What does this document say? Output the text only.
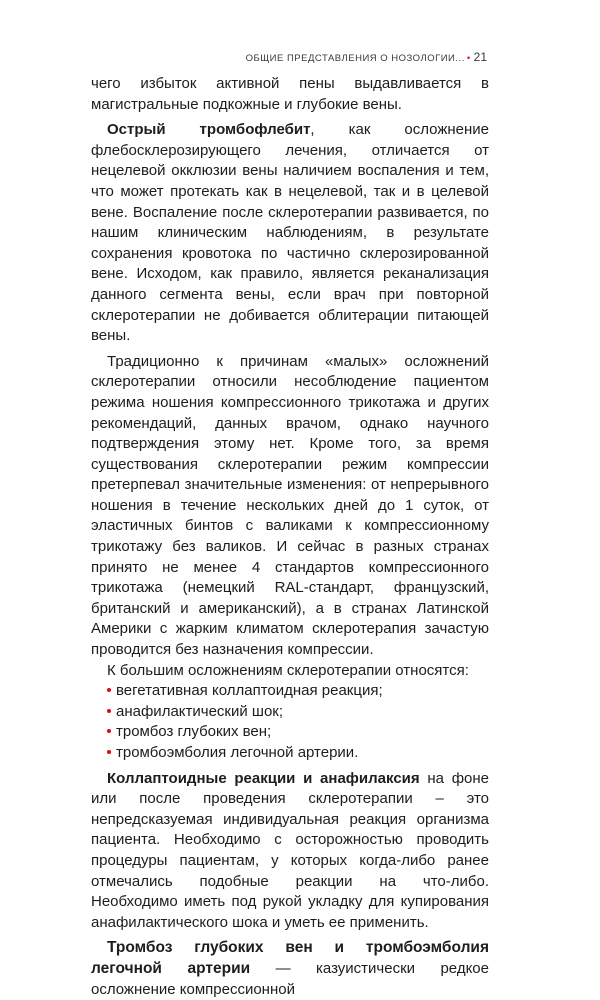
ОБЩИЕ ПРЕДСТАВЛЕНИЯ О НОЗОЛОГИИ... • 21

чего избыток активной пены выдавливается в магистральные подкожные и глубокие вены.

Острый тромбофлебит, как осложнение флебосклерозирующего лечения, отличается от нецелевой окклюзии вены наличием воспаления и тем, что может протекать как в нецелевой, так и в целевой вене. Воспаление после склеротерапии развивается, по нашим клиническим наблюдениям, в результате сохранения кровотока по частично склерозированной вене. Исходом, как правило, является реканализация данного сегмента вены, если врач при повторной склеротерапии не добивается облитерации питающей вены.

Традиционно к причинам «малых» осложнений склеротерапии относили несоблюдение пациентом режима ношения компрессионного трикотажа и других рекомендаций, данных врачом, однако научного подтверждения этому нет. Кроме того, за время существования склеротерапии режим компрессии претерпевал значительные изменения: от непрерывного ношения в течение нескольких дней до 1 суток, от эластичных бинтов с валиками к компрессионному трикотажу без валиков. И сейчас в разных странах принято не менее 4 стандартов компрессионного трикотажа (немецкий RAL-стандарт, французский, британский и американский), а в странах Латинской Америки с жарким климатом склеротерапия зачастую проводится без назначения компрессии.

К большим осложнениям склеротерапии относятся:

вегетативная коллаптоидная реакция;
анафилактический шок;
тромбоз глубоких вен;
тромбоэмболия легочной артерии.

Коллаптоидные реакции и анафилаксия на фоне или после проведения склеротерапии – это непредсказуемая индивидуальная реакция организма пациента. Необходимо с осторожностью проводить процедуры пациентам, у которых когда-либо ранее отмечались подобные реакции на что-либо. Необходимо иметь под рукой укладку для купирования анафилактического шока и уметь ее применить.

Тромбоз глубоких вен и тромбоэмболия легочной артерии — казуистически редкое осложнение компрессионной
